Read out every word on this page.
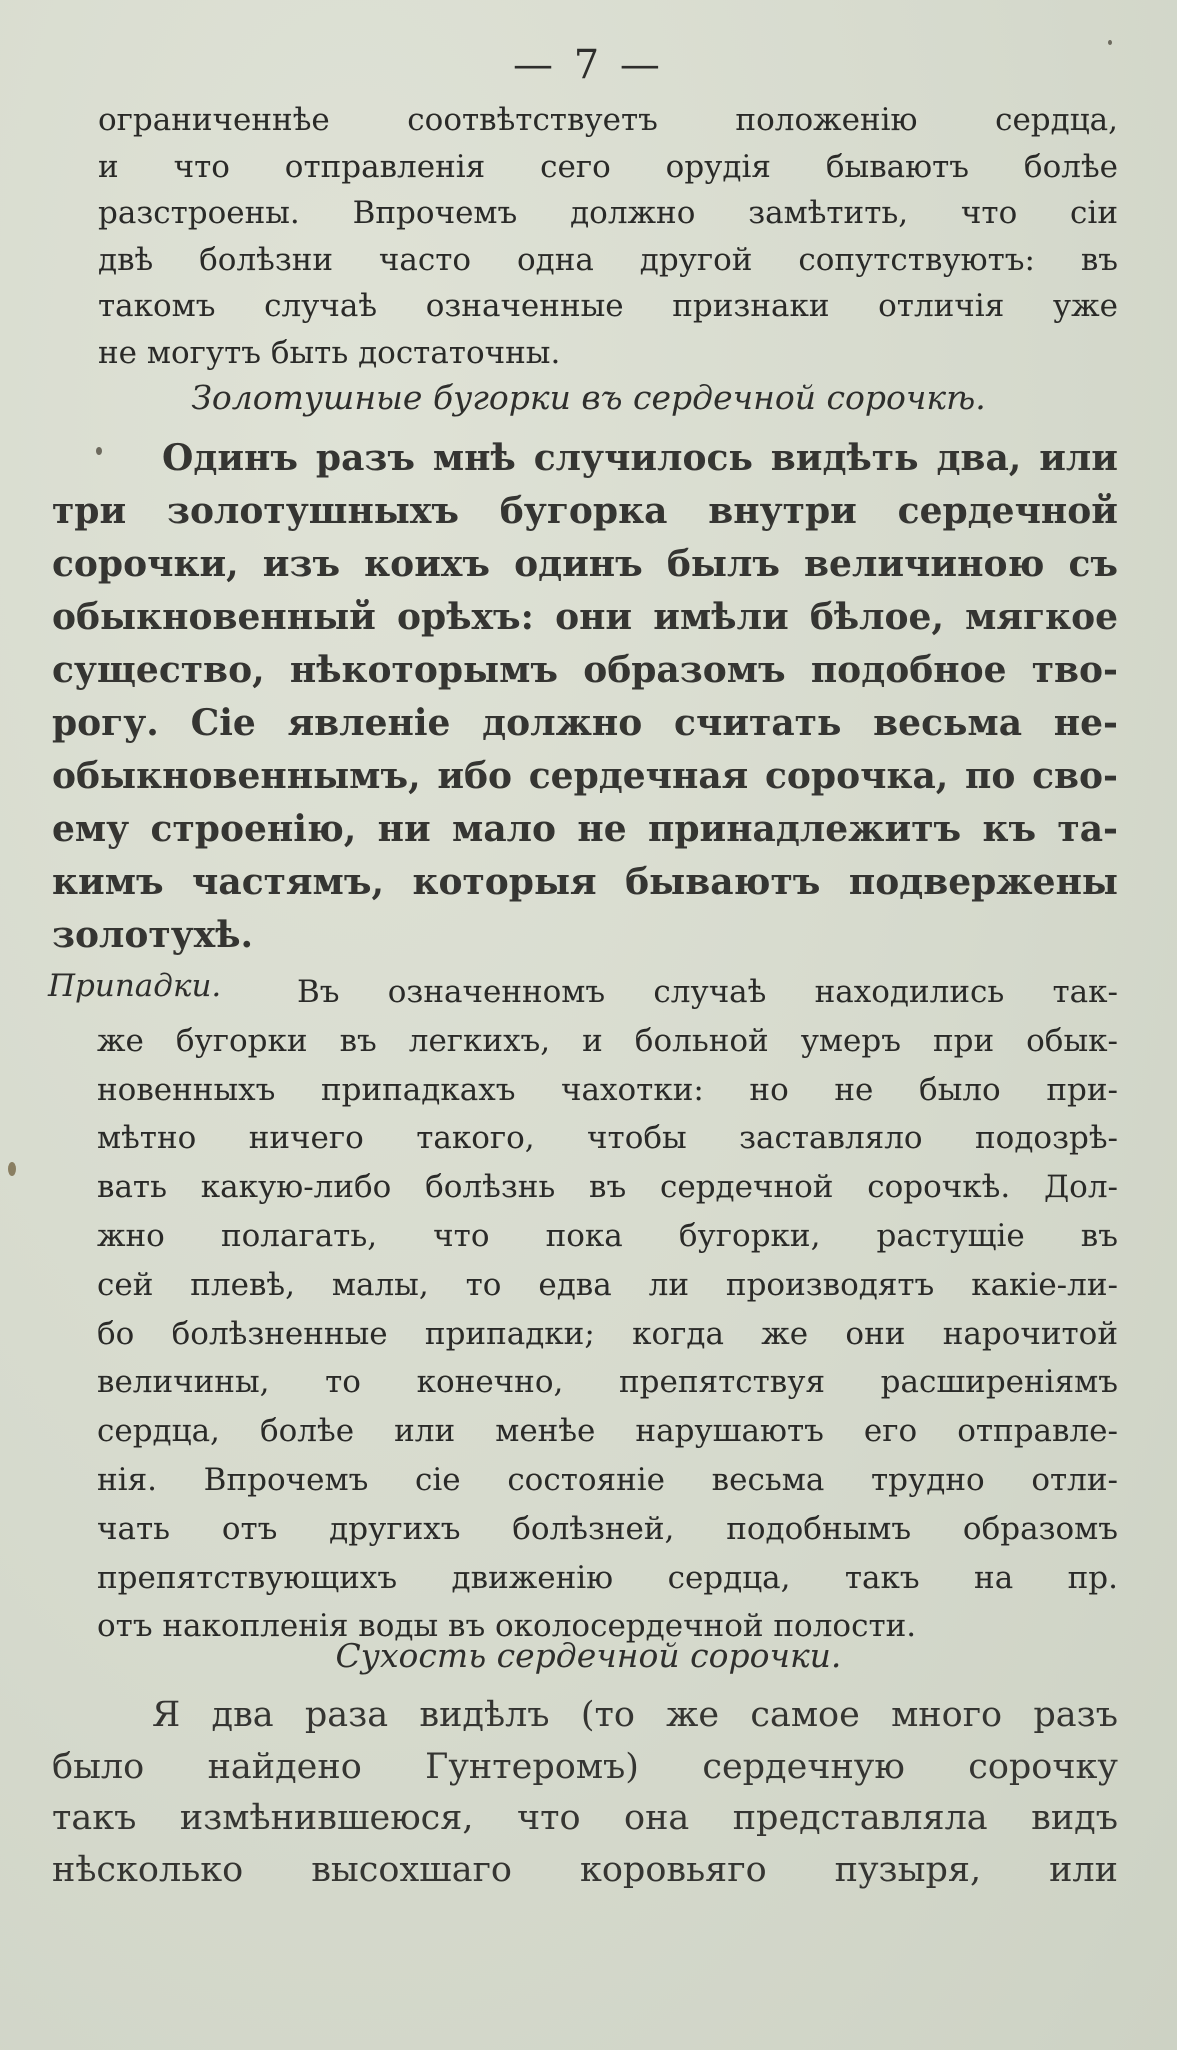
— 7 —
ограниченнѣе соотвѣтствуетъ положенію сердца,
и что отправленія сего орудія бываютъ болѣе
разстроены. Впрочемъ должно замѣтить, что сіи
двѣ болѣзни часто одна другой сопутствуютъ: въ
такомъ случаѣ означенные признаки отличія уже
не могутъ быть достаточны.
Золотушные бугорки въ сердечной сорочкѣ.
Одинъ разъ мнѣ случилось видѣть два, или
три золотушныхъ бугорка внутри сердечной
сорочки, изъ коихъ одинъ былъ величиною съ
обыкновенный орѣхъ: они имѣли бѣлое, мягкое
существо, нѣкоторымъ образомъ подобное тво-
рогу. Сіе явленіе должно считать весьма не-
обыкновеннымъ, ибо сердечная сорочка, по сво-
ему строенію, ни мало не принадлежитъ къ та-
кимъ частямъ, которыя бываютъ подвержены
золотухѣ.
Припадки.	Въ означенномъ случаѣ находились так-
же бугорки въ легкихъ, и больной умеръ при обык-
новенныхъ припадкахъ чахотки: но не было при-
мѣтно ничего такого, чтобы заставляло подозрѣ-
вать какую-либо болѣзнь въ сердечной сорочкѣ. Дол-
жно полагать, что пока бугорки, растущіе въ
сей плевѣ, малы, то едва ли производятъ какіе-ли-
бо болѣзненные припадки; когда же они нарочитой
величины, то конечно, препятствуя расширеніямъ
сердца, болѣе или менѣе нарушаютъ его отправле-
нія. Впрочемъ сіе состояніе весьма трудно отли-
чать отъ другихъ болѣзней, подобнымъ образомъ
препятствующихъ движенію сердца, такъ на пр.
отъ накопленія воды въ околосердечной полости.
Сухость сердечной сорочки.
Я два раза видѣлъ (то же самое много разъ
было найдено Гунтеромъ) сердечную сорочку
такъ измѣнившеюся, что она представляла видъ
нѣсколько высохшаго коровьяго пузыря, или
